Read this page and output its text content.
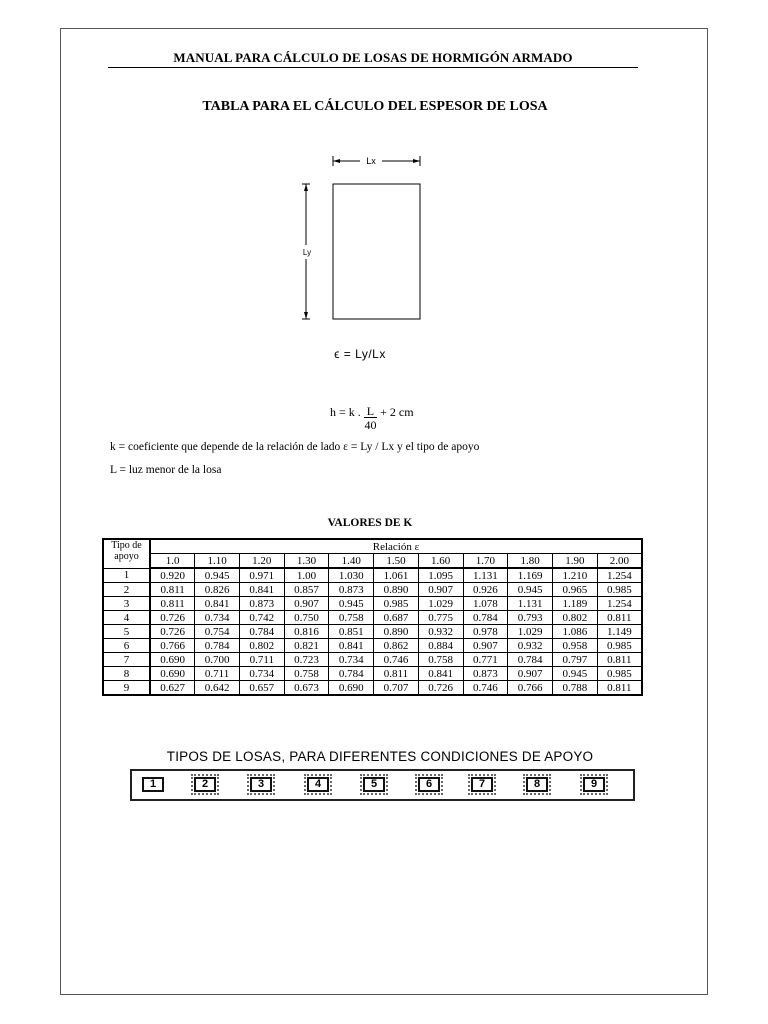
MANUAL PARA CÁLCULO DE LOSAS DE HORMIGÓN ARMADO
TABLA PARA EL CÁLCULO DEL ESPESOR DE LOSA
Lx
Ly
ϵ = Ly/Lx
h = k . $\frac{L}{40} + 2$ cm
k = coeficiente que depende de la relación de lado ε = Ly / Lx y el tipo de apoyo
L = luz menor de la losa
VALORES DE K
Tipo de apoyo	Relación ε										
	1.0	1.10	1.20	1.30	1.40	1.50	1.60	1.70	1.80	1.90	2.00
1	0.920	0.945	0.971	1.00	1.030	1.061	1.095	1.131	1.169	1.210	1.254
2	0.811	0.826	0.841	0.857	0.873	0.890	0.907	0.926	0.945	0.965	0.985
3	0.811	0.841	0.873	0.907	0.945	0.985	1.029	1.078	1.131	1.189	1.254
4	0.726	0.734	0.742	0.750	0.758	0.687	0.775	0.784	0.793	0.802	0.811
5	0.726	0.754	0.784	0.816	0.851	0.890	0.932	0.978	1.029	1.086	1.149
6	0.766	0.784	0.802	0.821	0.841	0.862	0.884	0.907	0.932	0.958	0.985
7	0.690	0.700	0.711	0.723	0.734	0.746	0.758	0.771	0.784	0.797	0.811
8	0.690	0.711	0.734	0.758	0.784	0.811	0.841	0.873	0.907	0.945	0.985
9	0.627	0.642	0.657	0.673	0.690	0.707	0.726	0.746	0.766	0.788	0.811
TIPOS DE LOSAS, PARA DIFERENTES CONDICIONES DE APOYO
1	2	3	4	5	6	7	8	9
